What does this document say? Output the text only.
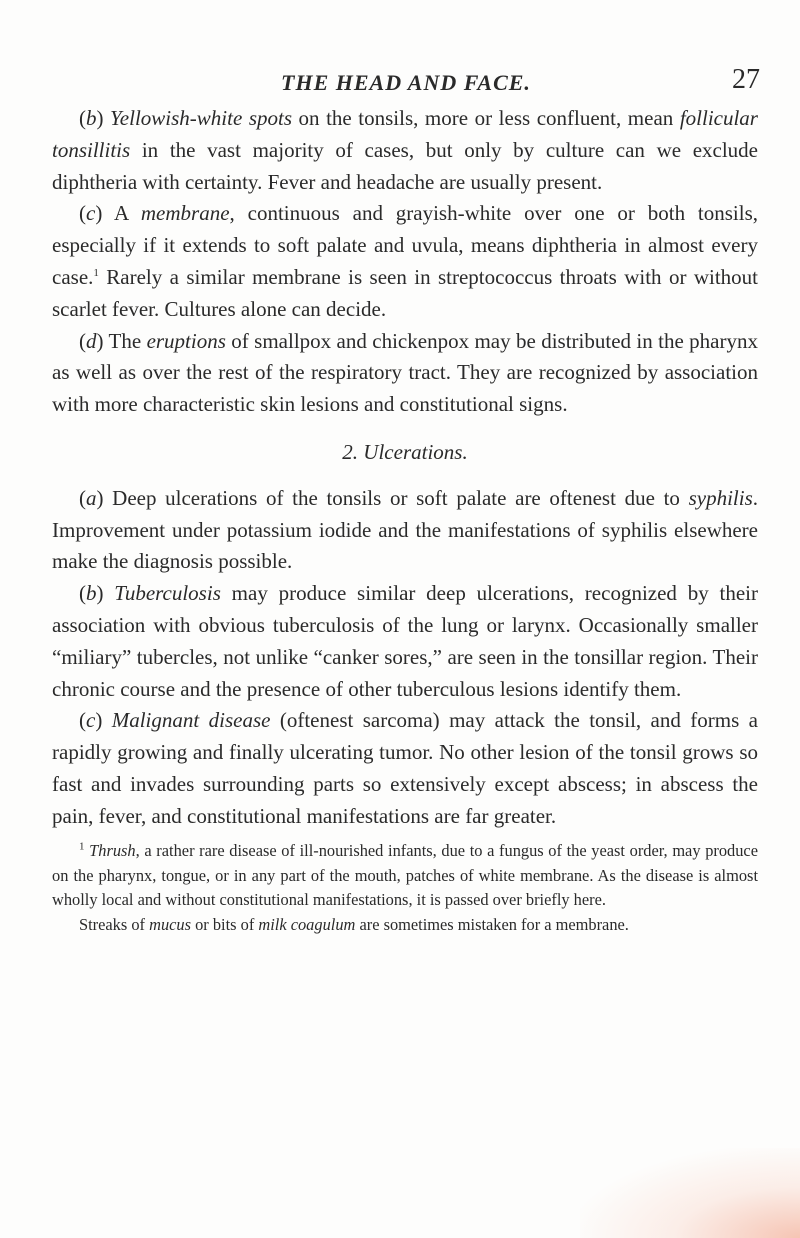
THE HEAD AND FACE.	27

(b) Yellowish-white spots on the tonsils, more or less confluent, mean follicular tonsillitis in the vast majority of cases, but only by culture can we exclude diphtheria with certainty. Fever and headache are usually present.

(c) A membrane, continuous and grayish-white over one or both tonsils, especially if it extends to soft palate and uvula, means diphtheria in almost every case.$^1$ Rarely a similar membrane is seen in streptococcus throats with or without scarlet fever. Cultures alone can decide.

(d) The eruptions of smallpox and chickenpox may be distributed in the pharynx as well as over the rest of the respiratory tract. They are recognized by association with more characteristic skin lesions and constitutional signs.

2. Ulcerations.

(a) Deep ulcerations of the tonsils or soft palate are oftenest due to syphilis. Improvement under potassium iodide and the manifestations of syphilis elsewhere make the diagnosis possible.

(b) Tuberculosis may produce similar deep ulcerations, recognized by their association with obvious tuberculosis of the lung or larynx. Occasionally smaller “miliary” tubercles, not unlike “canker sores,” are seen in the tonsillar region. Their chronic course and the presence of other tuberculous lesions identify them.

(c) Malignant disease (oftenest sarcoma) may attack the tonsil, and forms a rapidly growing and finally ulcerating tumor. No other lesion of the tonsil grows so fast and invades surrounding parts so extensively except abscess; in abscess the pain, fever, and constitutional manifestations are far greater.

$^1$ Thrush, a rather rare disease of ill-nourished infants, due to a fungus of the yeast order, may produce on the pharynx, tongue, or in any part of the mouth, patches of white membrane. As the disease is almost wholly local and without constitutional manifestations, it is passed over briefly here.

Streaks of mucus or bits of milk coagulum are sometimes mistaken for a membrane.
